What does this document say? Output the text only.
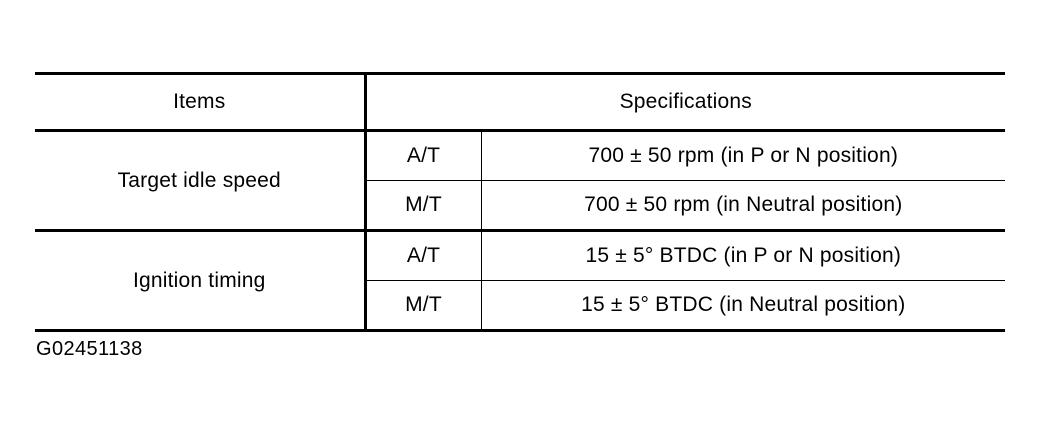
Items	Specifications	
Target idle speed	A/T	700 ± 50 rpm (in P or N position)
	M/T	700 ± 50 rpm (in Neutral position)
Ignition timing	A/T	15 ± 5° BTDC (in P or N position)
	M/T	15 ± 5° BTDC (in Neutral position)
G02451138
